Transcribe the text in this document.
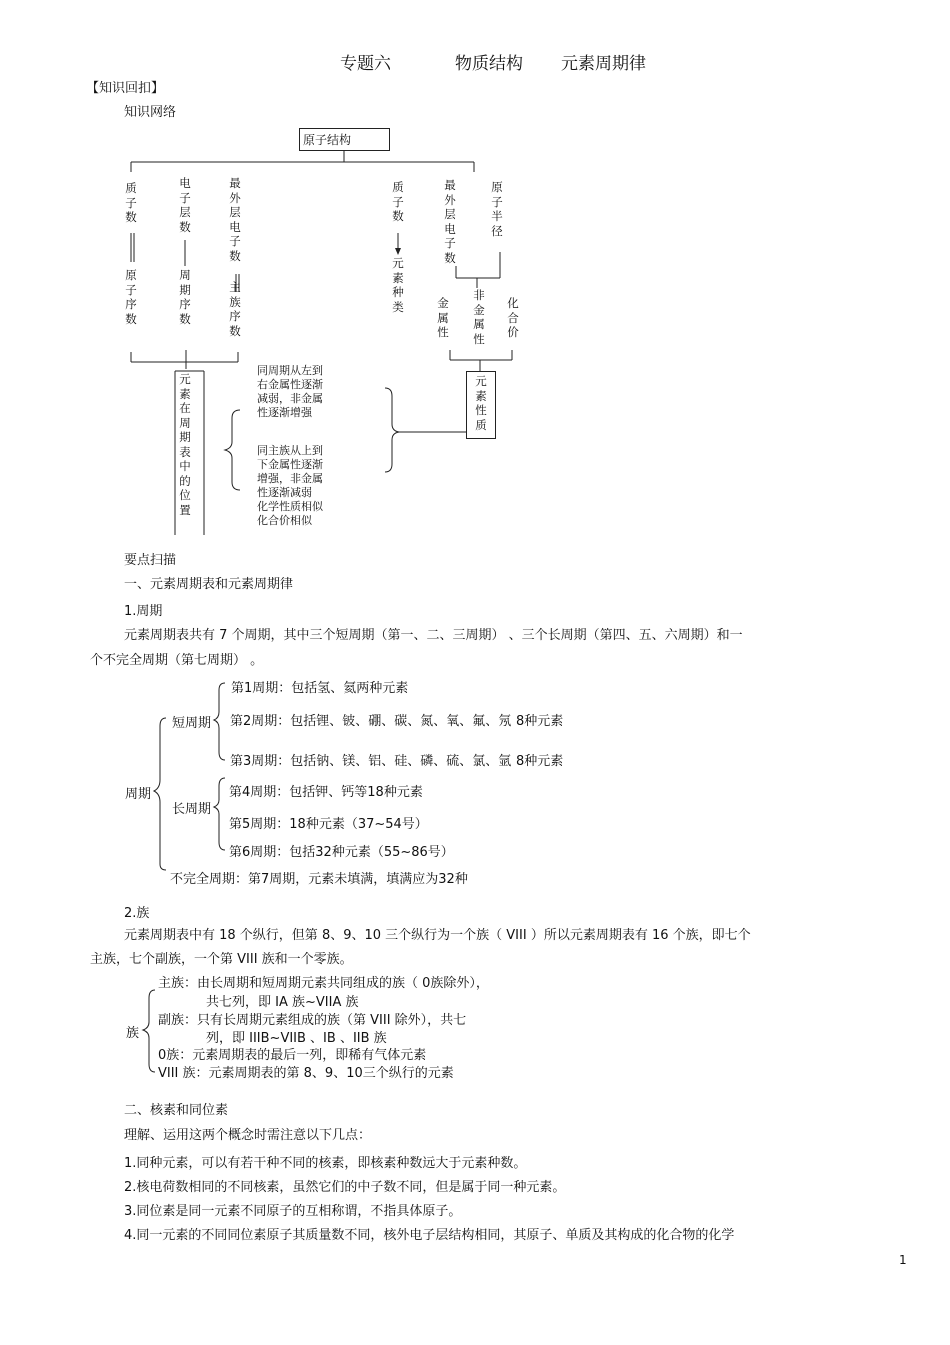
专题六	物质结构 元素周期律
【知识回扣】
知识网络
原子结构
质子数
电子层数
最外层电子数
原子序数
周期序数
主族序数
质子数
最外层电子数
原子半径
元素种类	金属性
非金属性
化合价
元素在周期表中的位置
元素性质
同周期从左到
右金属性逐渐
减弱，非金属
性逐渐增强
同主族从上到
下金属性逐渐
增强，非金属
性逐渐减弱
化学性质相似
化合价相似
要点扫描
一、元素周期表和元素周期律
1.周期
元素周期表共有 7 个周期，其中三个短周期（第一、二、三周期） 、三个长周期（第四、五、六周期）和一
个不完全周期（第七周期） 。
周期
短周期
长周期
第1周期：包括氢、氦两种元素
第2周期：包括锂、铍、硼、碳、氮、氧、氟、氖 8种元素
第3周期：包括钠、镁、铝、硅、磷、硫、氯、氩 8种元素
第4周期：包括钾、钙等18种元素
第5周期：18种元素（37~54号）
第6周期：包括32种元素（55~86号）
不完全周期：第7周期，元素未填满，填满应为32种
2.族
元素周期表中有 18 个纵行，但第 8、9、10 三个纵行为一个族（ VIII ）所以元素周期表有 16 个族，即七个
主族，七个副族，一个第 VIII 族和一个零族。
族
主族：由长周期和短周期元素共同组成的族（ 0族除外），
共七列，即 IA 族~VIIA 族
副族：只有长周期元素组成的族（第 VIII 除外），共七
列，即 IIIB~VIIB 、IB 、IIB 族
0族：元素周期表的最后一列，即稀有气体元素
VIII 族：元素周期表的第 8、9、10三个纵行的元素
二、核素和同位素
理解、运用这两个概念时需注意以下几点：
1.同种元素，可以有若干种不同的核素，即核素种数远大于元素种数。
2.核电荷数相同的不同核素，虽然它们的中子数不同，但是属于同一种元素。
3.同位素是同一元素不同原子的互相称谓，不指具体原子。
4.同一元素的不同同位素原子其质量数不同，核外电子层结构相同，其原子、单质及其构成的化合物的化学
1
